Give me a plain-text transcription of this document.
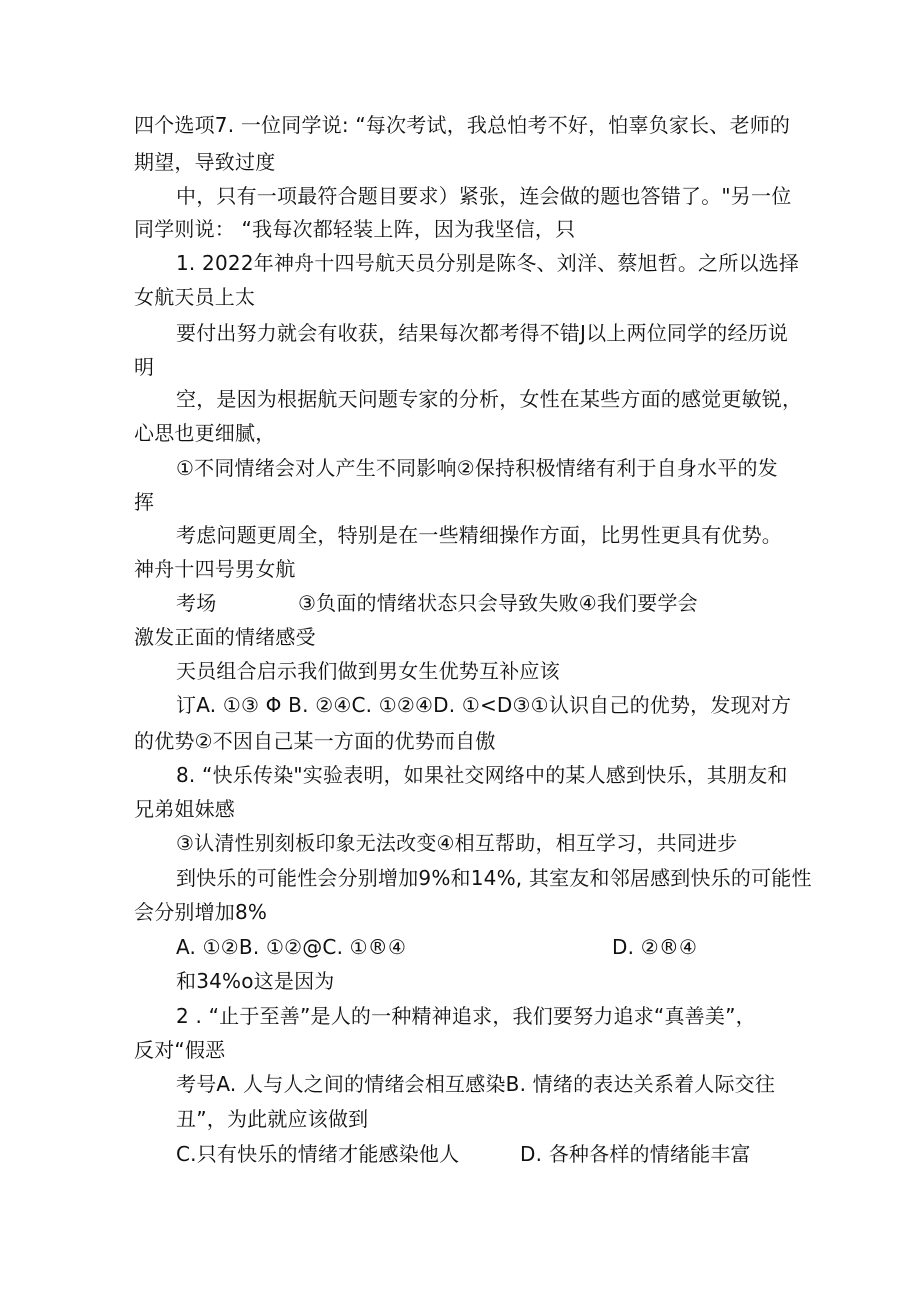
四个选项7. 一位同学说: “每次考试，我总怕考不好，怕辜负家长、老师的
期望，导致过度
中，只有一项最符合题目要求）紧张，连会做的题也答错了。"另一位
同学则说： “我每次都轻装上阵，因为我坚信，只
1. 2022年神舟十四号航天员分别是陈冬、刘洋、蔡旭哲。之所以选择
女航天员上太
要付出努力就会有收获，结果每次都考得不错J以上两位同学的经历说
明
空，是因为根据航天问题专家的分析，女性在某些方面的感觉更敏锐，
心思也更细腻，
①不同情绪会对人产生不同影响②保持积极情绪有利于自身水平的发
挥
考虑问题更周全，特别是在一些精细操作方面，比男性更具有优势。
神舟十四号男女航
考场	③负面的情绪状态只会导致失败④我们要学会
激发正面的情绪感受
天员组合启示我们做到男女生优势互补应该
订A. ①③ Φ B. ②④C. ①②④D. ①<D③①认识自己的优势，发现对方
的优势②不因自己某一方面的优势而自傲
8. “快乐传染"实验表明，如果社交网络中的某人感到快乐，其朋友和
兄弟姐妹感
③认清性别刻板印象无法改变④相互帮助，相互学习，共同进步
到快乐的可能性会分别增加9%和14%, 其室友和邻居感到快乐的可能性
会分别增加8%
A. ①②B. ①②@C. ①®④	D. ②®④
和34%o这是因为
2 . “止于至善”是人的一种精神追求，我们要努力追求“真善美”，
反对“假恶
考号A. 人与人之间的情绪会相互感染B. 情绪的表达关系着人际交往
丑”，为此就应该做到
C.只有快乐的情绪才能感染他人	D. 各种各样的情绪能丰富
